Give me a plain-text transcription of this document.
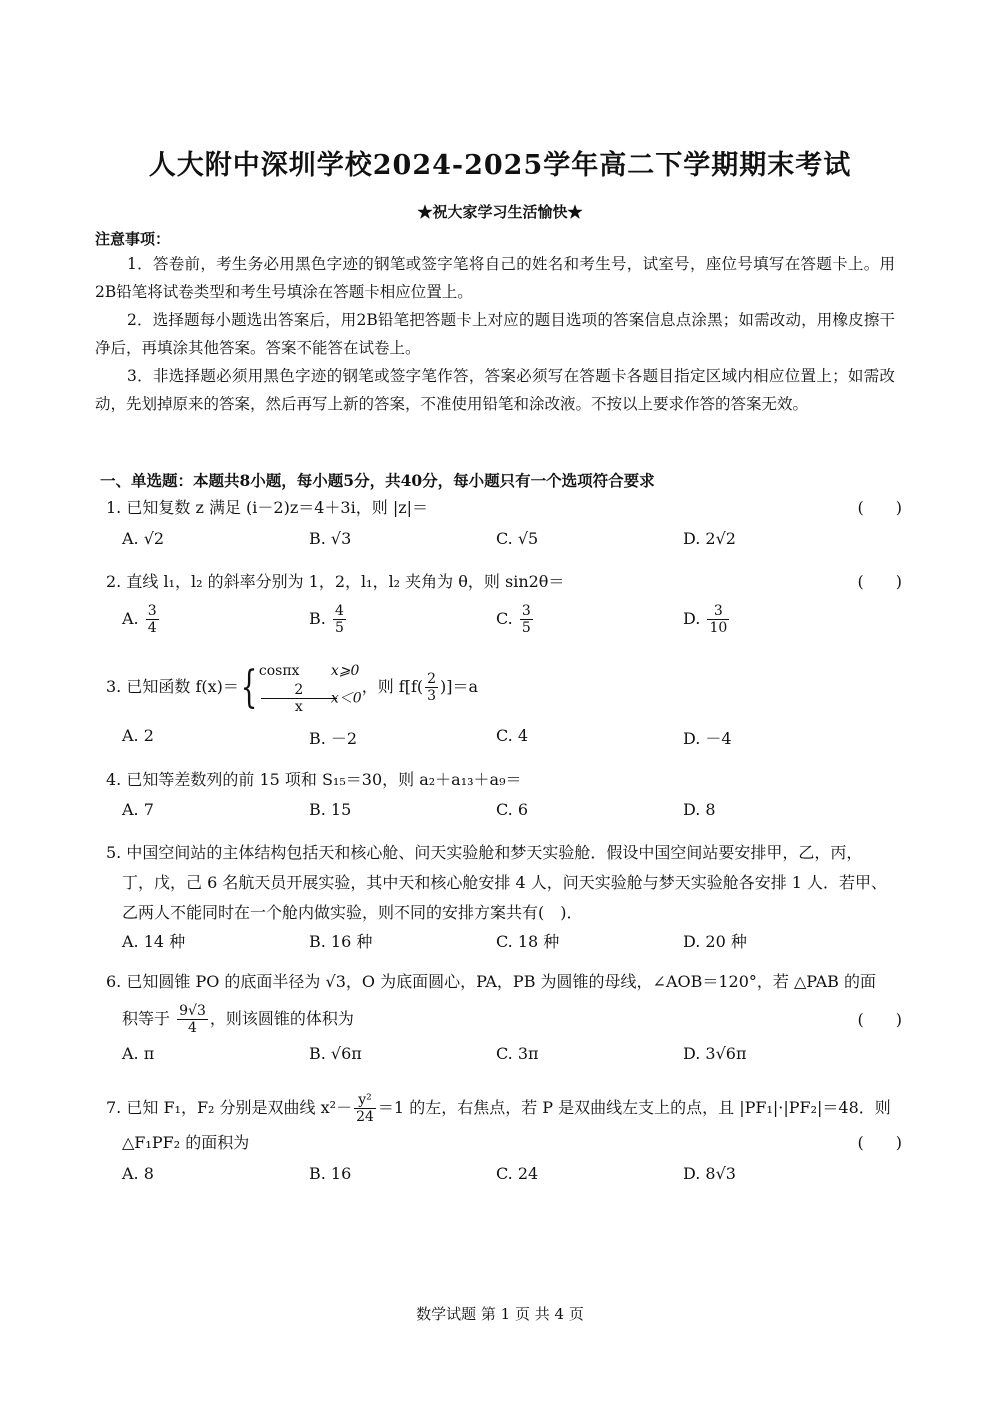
人大附中深圳学校2024-2025学年高二下学期期末考试
★祝大家学习生活愉快★
注意事项：

1．答卷前，考生务必用黑色字迹的钢笔或签字笔将自己的姓名和考生号，试室号，座位号填写在答题卡上。用2B铅笔将试卷类型和考生号填涂在答题卡相应位置上。

2．选择题每小题选出答案后，用2B铅笔把答题卡上对应的题目选项的答案信息点涂黑；如需改动，用橡皮擦干净后，再填涂其他答案。答案不能答在试卷上。

3．非选择题必须用黑色字迹的钢笔或签字笔作答，答案必须写在答题卡各题目指定区域内相应位置上；如需改动，先划掉原来的答案，然后再写上新的答案，不准使用铅笔和涂改液。不按以上要求作答的答案无效。

一、单选题：本题共8小题，每小题5分，共40分，每小题只有一个选项符合要求

1. 已知复数 z 满足 (i－2)z＝4＋3i，则 |z|＝	(　　)
A. √2	B. √3	C. √5	D. 2√2

2. 直线 l₁，l₂ 的斜率分别为 1，2，l₁，l₂ 夹角为 θ，则 sin2θ＝	(　　)
A. $\frac{3}{4}$	B. $\frac{4}{5}$	C. $\frac{3}{5}$	D. $\frac{3}{10}$

3. 已知函数 f(x)＝{ cosπx x⩾0

$\frac{2}{x}$
x＜0，则 $f[f( \frac{2}{3} )]=a$

A. 2	B. －2	C. 4	D. －4

4. 已知等差数列的前 15 项和 S₁₅＝30，则 a₂＋a₁₃＋a₉＝

A. 7	B. 15	C. 6	D. 8

5. 中国空间站的主体结构包括天和核心舱、问天实验舱和梦天实验舱．假设中国空间站要安排甲，乙，丙，

丁，戊，己 6 名航天员开展实验，其中天和核心舱安排 4 人，问天实验舱与梦天实验舱各安排 1 人．若甲、

乙两人不能同时在一个舱内做实验，则不同的安排方案共有(　)．

A. 14 种	B. 16 种	C. 18 种	D. 20 种

6. 已知圆锥 PO 的底面半径为 √3，O 为底面圆心，PA，PB 为圆锥的母线，∠AOB＝120°，若 △PAB 的面

积等于 $\frac{9√3}{4}$ ，则该圆锥的体积为	(　　)
A. π	B. √6π	C. 3π	D. 3√6π

7. 已知 F₁，F₂ 分别是双曲线 $x^2- \frac{\text{y²}}{24} =1$ 的左，右焦点，若 P 是双曲线左支上的点，且 |PF₁|·|PF₂|＝48．则

△F₁PF₂ 的面积为	(　　)
A. 8	B. 16	C. 24	D. 8√3
数学试题 第 1 页 共 4 页
